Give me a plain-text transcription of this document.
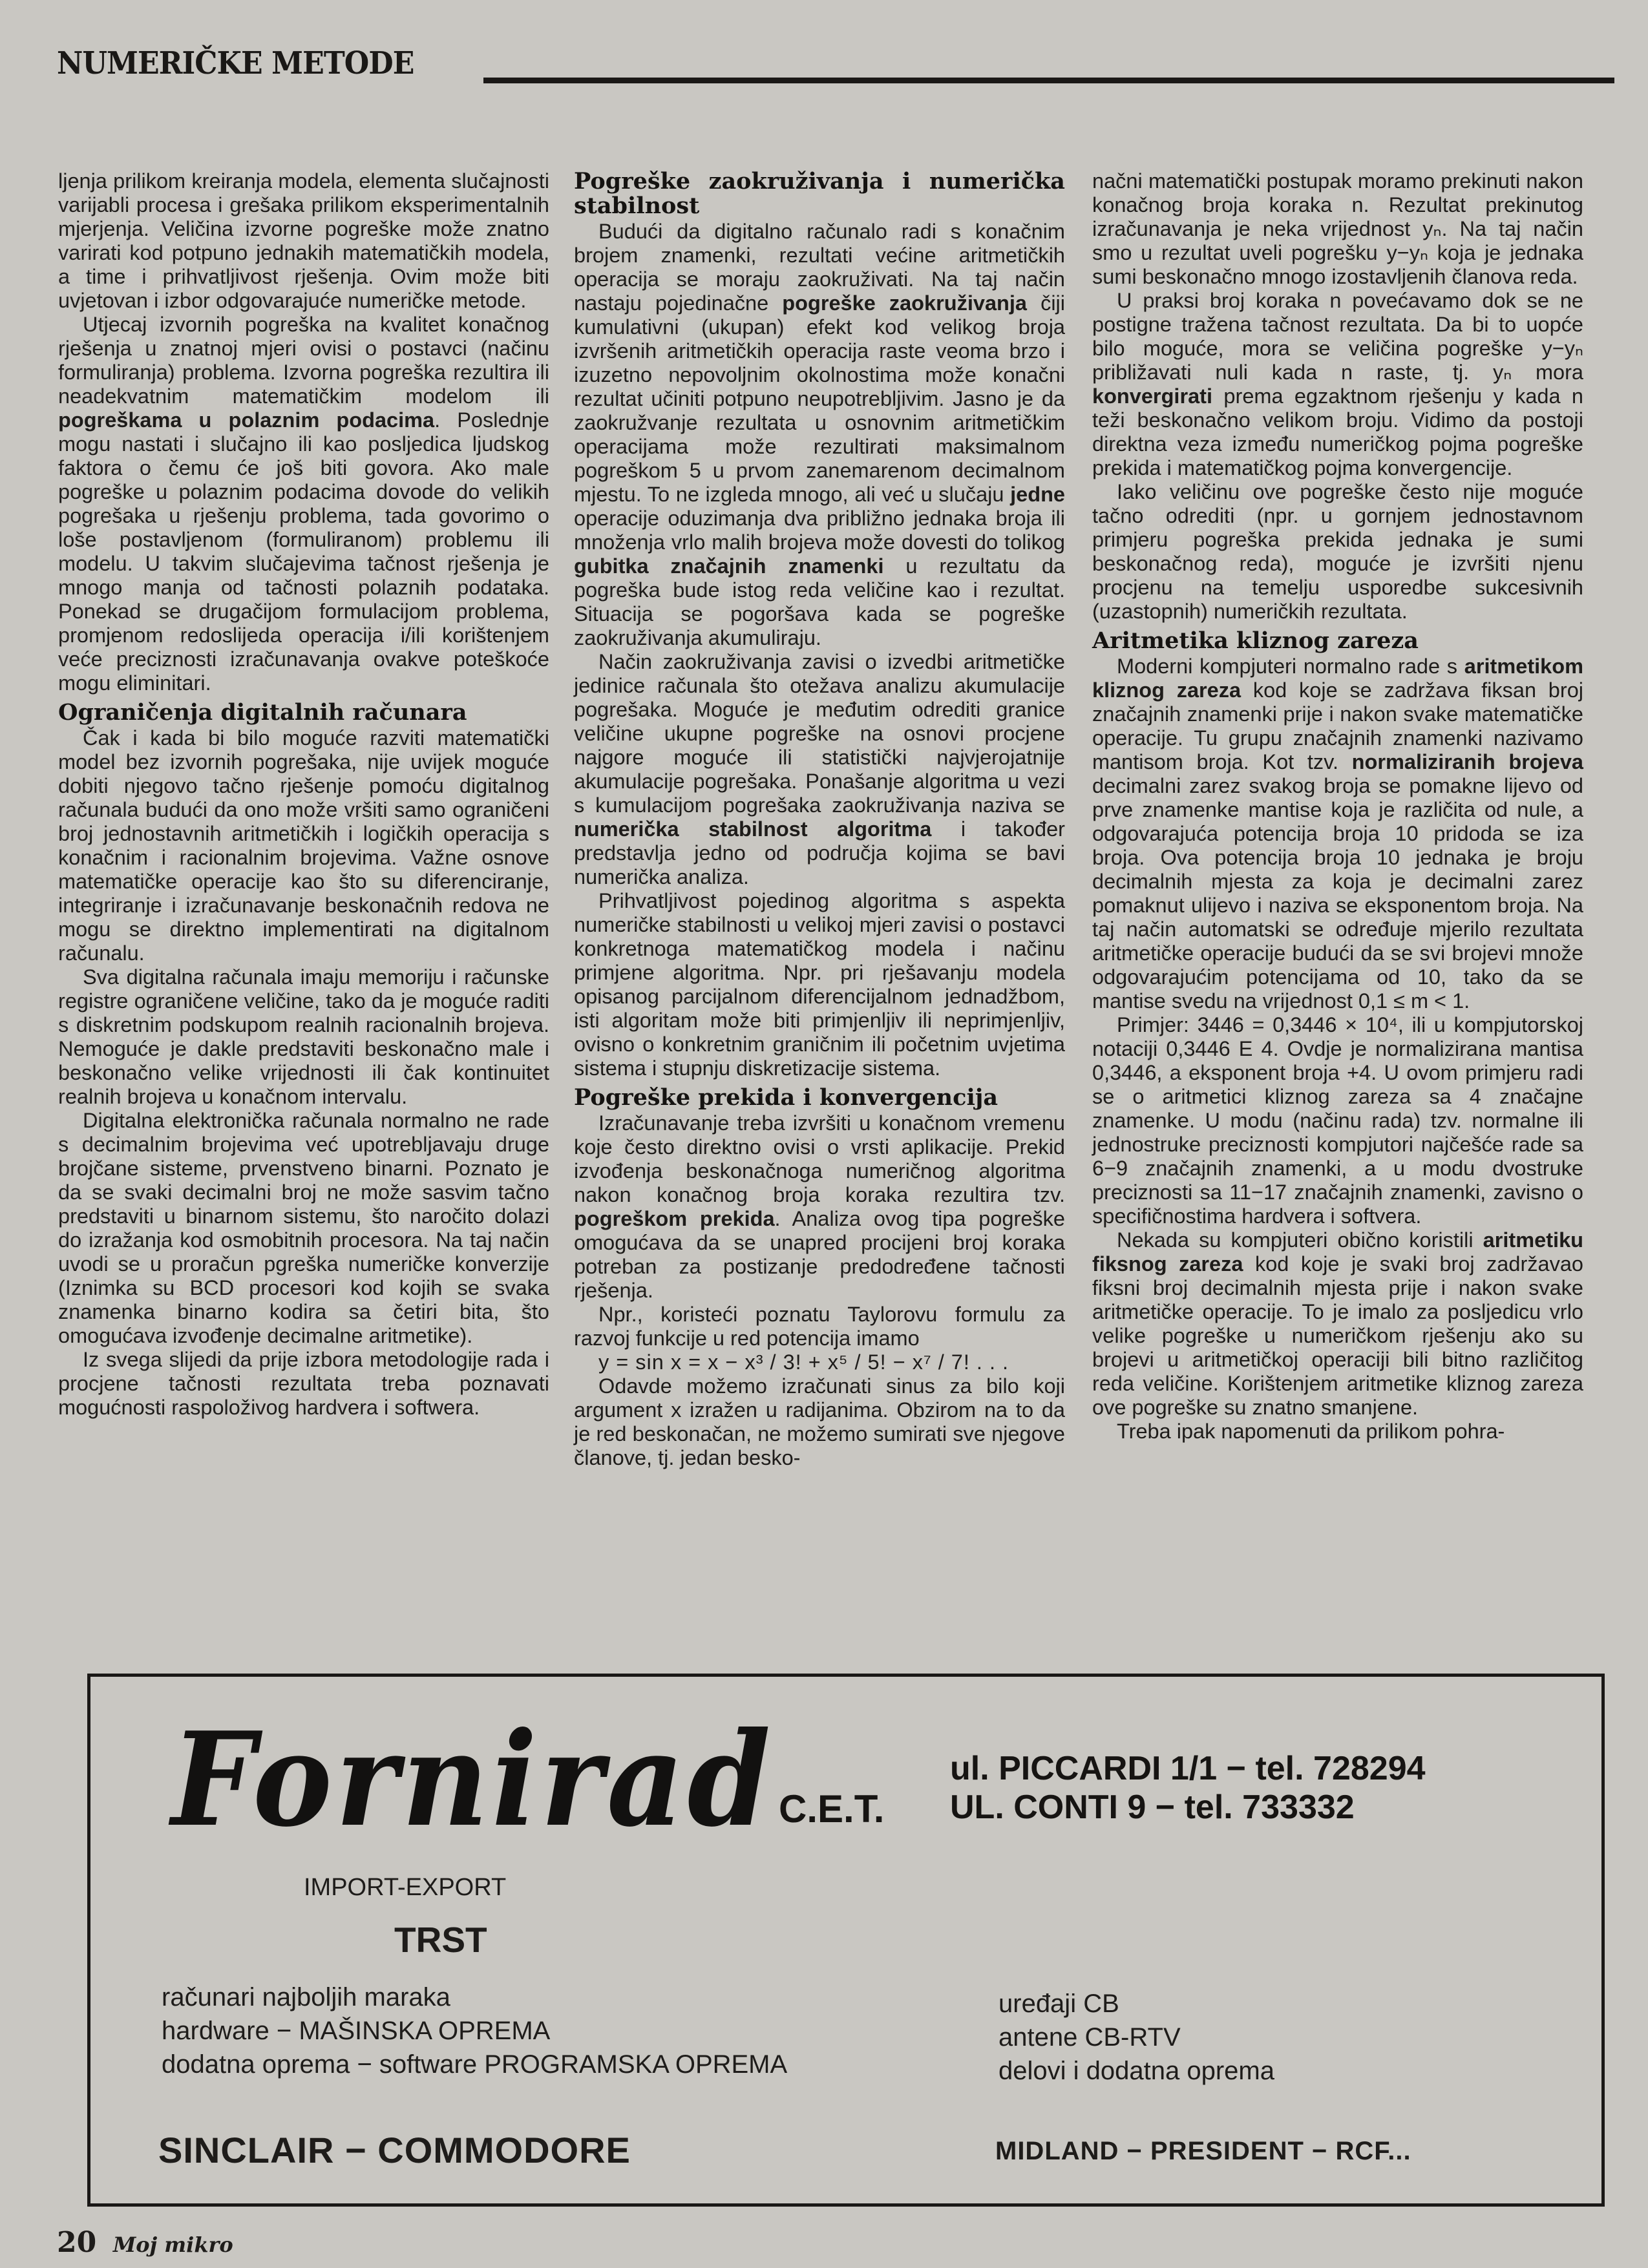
NUMERIČKE METODE

ljenja prilikom kreiranja modela, elementa slučajnosti varijabli procesa i grešaka prilikom eksperimentalnih mjerjenja. Veličina izvorne pogreške može znatno varirati kod potpuno jednakih matematičkih modela, a time i prihvatljivost rješenja. Ovim može biti uvjetovan i izbor odgovarajuće numeričke metode.

Utjecaj izvornih pogreška na kvalitet konačnog rješenja u znatnoj mjeri ovisi o postavci (načinu formuliranja) problema. Izvorna pogreška rezultira ili neadekvatnim matematičkim modelom ili pogreškama u polaznim podacima. Poslednje mogu nastati i slučajno ili kao posljedica ljudskog faktora o čemu će još biti govora. Ako male pogreške u polaznim podacima dovode do velikih pogrešaka u rješenju problema, tada govorimo o loše postavljenom (formuliranom) problemu ili modelu. U takvim slučajevima tačnost rješenja je mnogo manja od tačnosti polaznih podataka. Ponekad se drugačijom formulacijom problema, promjenom redoslijeda operacija i/ili korištenjem veće preciznosti izračunavanja ovakve poteškoće mogu eliminitari.

Ograničenja digitalnih računara

Čak i kada bi bilo moguće razviti matematički model bez izvornih pogrešaka, nije uvijek moguće dobiti njegovo tačno rješenje pomoću digitalnog računala budući da ono može vršiti samo ograničeni broj jednostavnih aritmetičkih i logičkih operacija s konačnim i racionalnim brojevima. Važne osnove matematičke operacije kao što su diferenciranje, integriranje i izračunavanje beskonačnih redova ne mogu se direktno implementirati na digitalnom računalu.

Sva digitalna računala imaju memoriju i računske registre ograničene veličine, tako da je moguće raditi s diskretnim podskupom realnih racionalnih brojeva. Nemoguće je dakle predstaviti beskonačno male i beskonačno velike vrijednosti ili čak kontinuitet realnih brojeva u konačnom intervalu.

Digitalna elektronička računala normalno ne rade s decimalnim brojevima već upotrebljavaju druge brojčane sisteme, prvenstveno binarni. Poznato je da se svaki decimalni broj ne može sasvim tačno predstaviti u binarnom sistemu, što naročito dolazi do izražanja kod osmobitnih procesora. Na taj način uvodi se u proračun pgreška numeričke konverzije (Iznimka su BCD procesori kod kojih se svaka znamenka binarno kodira sa četiri bita, što omogućava izvođenje decimalne aritmetike).

Iz svega slijedi da prije izbora metodologije rada i procjene tačnosti rezultata treba poznavati mogućnosti raspoloživog hardvera i softwera.

Pogreške zaokruživanja i numerička stabilnost

Budući da digitalno računalo radi s konačnim brojem znamenki, rezultati većine aritmetičkih operacija se moraju zaokruživati. Na taj način nastaju pojedinačne pogreške zaokruživanja čiji kumulativni (ukupan) efekt kod velikog broja izvršenih aritmetičkih operacija raste veoma brzo i izuzetno nepovoljnim okolnostima može konačni rezultat učiniti potpuno neupotrebljivim. Jasno je da zaokružvanje rezultata u osnovnim aritmetičkim operacijama može rezultirati maksimalnom pogreškom 5 u prvom zanemarenom decimalnom mjestu. To ne izgleda mnogo, ali već u slučaju jedne operacije oduzimanja dva približno jednaka broja ili množenja vrlo malih brojeva može dovesti do tolikog gubitka značajnih znamenki u rezultatu da pogreška bude istog reda veličine kao i rezultat. Situacija se pogoršava kada se pogreške zaokruživanja akumuliraju.

Način zaokruživanja zavisi o izvedbi aritmetičke jedinice računala što otežava analizu akumulacije pogrešaka. Moguće je međutim odrediti granice veličine ukupne pogreške na osnovi procjene najgore moguće ili statistički najvjerojatnije akumulacije pogrešaka. Ponašanje algoritma u vezi s kumulacijom pogrešaka zaokruživanja naziva se numerička stabilnost algoritma i također predstavlja jedno od područja kojima se bavi numerička analiza.

Prihvatljivost pojedinog algoritma s aspekta numeričke stabilnosti u velikoj mjeri zavisi o postavci konkretnoga matematičkog modela i načinu primjene algoritma. Npr. pri rješavanju modela opisanog parcijalnom diferencijalnom jednadžbom, isti algoritam može biti primjenljiv ili neprimjenljiv, ovisno o konkretnim graničnim ili početnim uvjetima sistema i stupnju diskretizacije sistema.

Pogreške prekida i konvergencija

Izračunavanje treba izvršiti u konačnom vremenu koje često direktno ovisi o vrsti aplikacije. Prekid izvođenja beskonačnoga numeričnog algoritma nakon konačnog broja koraka rezultira tzv. pogreškom prekida. Analiza ovog tipa pogreške omogućava da se unapred procijeni broj koraka potreban za postizanje predodređene tačnosti rješenja.

Npr., koristeći poznatu Taylorovu formulu za razvoj funkcije u red potencija imamo

y = sin x = x − x³ / 3! + x⁵ / 5! − x⁷ / 7! . . .

Odavde možemo izračunati sinus za bilo koji argument x izražen u radijanima. Obzirom na to da je red beskonačan, ne možemo sumirati sve njegove članove, tj. jedan besko-

načni matematički postupak moramo prekinuti nakon konačnog broja koraka n. Rezultat prekinutog izračunavanja je neka vrijednost yₙ. Na taj način smo u rezultat uveli pogrešku y−yₙ koja je jednaka sumi beskonačno mnogo izostavljenih članova reda.

U praksi broj koraka n povećavamo dok se ne postigne tražena tačnost rezultata. Da bi to uopće bilo moguće, mora se veličina pogreške y−yₙ približavati nuli kada n raste, tj. yₙ mora konvergirati prema egzaktnom rješenju y kada n teži beskonačno velikom broju. Vidimo da postoji direktna veza između numeričkog pojma pogreške prekida i matematičkog pojma konvergencije.

Iako veličinu ove pogreške često nije moguće tačno odrediti (npr. u gornjem jednostavnom primjeru pogreška prekida jednaka je sumi beskonačnog reda), moguće je izvršiti njenu procjenu na temelju usporedbe sukcesivnih (uzastopnih) numeričkih rezultata.

Aritmetika kliznog zareza

Moderni kompjuteri normalno rade s aritmetikom kliznog zareza kod koje se zadržava fiksan broj značajnih znamenki prije i nakon svake matematičke operacije. Tu grupu značajnih znamenki nazivamo mantisom broja. Kot tzv. normaliziranih brojeva decimalni zarez svakog broja se pomakne lijevo od prve znamenke mantise koja je različita od nule, a odgovarajuća potencija broja 10 pridoda se iza broja. Ova potencija broja 10 jednaka je broju decimalnih mjesta za koja je decimalni zarez pomaknut ulijevo i naziva se eksponentom broja. Na taj način automatski se određuje mjerilo rezultata aritmetičke operacije budući da se svi brojevi množe odgovarajućim potencijama od 10, tako da se mantise svedu na vrijednost 0,1 ≤ m < 1.

Primjer: 3446 = 0,3446 × 10⁴, ili u kompjutorskoj notaciji 0,3446 E 4. Ovdje je normalizirana mantisa 0,3446, a eksponent broja +4. U ovom primjeru radi se o aritmetici kliznog zareza sa 4 značajne znamenke. U modu (načinu rada) tzv. normalne ili jednostruke preciznosti kompjutori najčešće rade sa 6−9 značajnih znamenki, a u modu dvostruke preciznosti sa 11−17 značajnih znamenki, zavisno o specifičnostima hardvera i softvera.

Nekada su kompjuteri obično koristili aritmetiku fiksnog zareza kod koje je svaki broj zadržavao fiksni broj decimalnih mjesta prije i nakon svake aritmetičke operacije. To je imalo za posljedicu vrlo velike pogreške u numeričkom rješenju ako su brojevi u aritmetičkoj operaciji bili bitno različitog reda veličine. Korištenjem aritmetike kliznog zareza ove pogreške su znatno smanjene.

Treba ipak napomenuti da prilikom pohra-

Fornirad C.E.T.
ul. PICCARDI 1/1 − tel. 728294
UL. CONTI 9 − tel. 733332
IMPORT-EXPORT
TRST
računari najboljih maraka
hardware − MAŠINSKA OPREMA
dodatna oprema − software PROGRAMSKA OPREMA
uređaji CB
antene CB-RTV
delovi i dodatna oprema
SINCLAIR − COMMODORE	MIDLAND − PRESIDENT − RCF...
20 Moj mikro
